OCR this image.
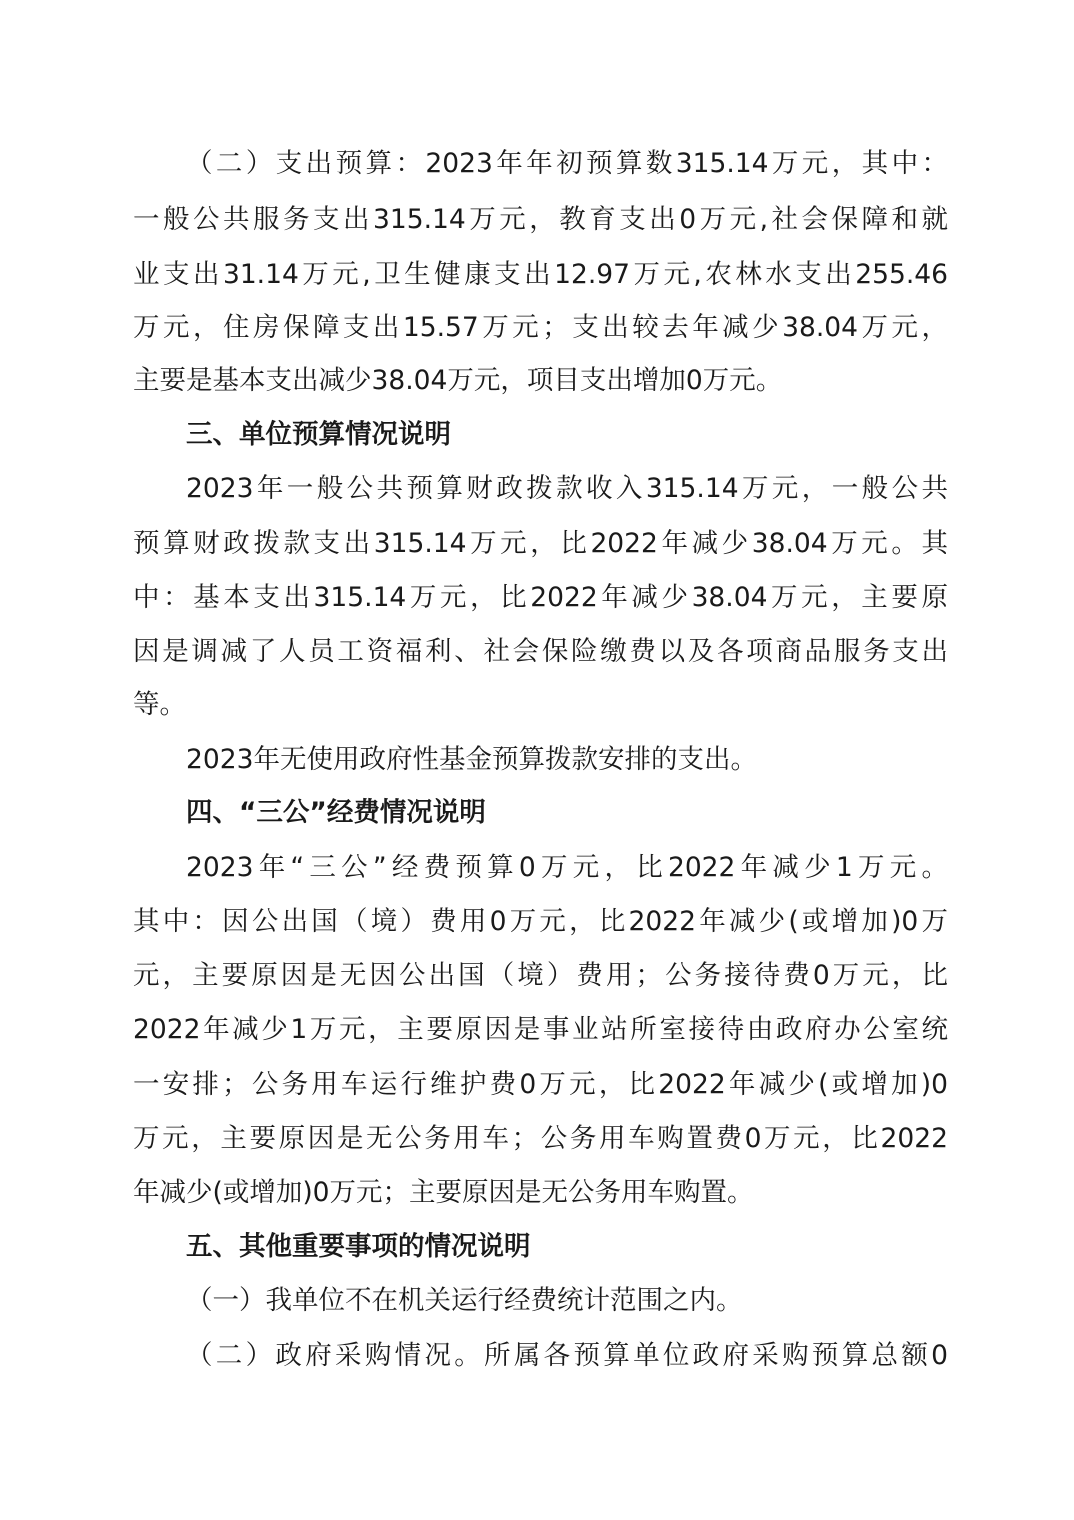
（二）支出预算：2023年年初预算数315.14万元，其中：
一般公共服务支出315.14万元，教育支出0万元,社会保障和就
业支出31.14万元,卫生健康支出12.97万元,农林水支出255.46
万元，住房保障支出15.57万元；支出较去年减少38.04万元，
主要是基本支出减少38.04万元，项目支出增加0万元。
三、单位预算情况说明
2023年一般公共预算财政拨款收入315.14万元，一般公共
预算财政拨款支出315.14万元，比2022年减少38.04万元。其
中：基本支出315.14万元，比2022年减少38.04万元，主要原
因是调减了人员工资福利、社会保险缴费以及各项商品服务支出
等。
2023年无使用政府性基金预算拨款安排的支出。
四、“三公”经费情况说明
2023年“三公”经费预算0万元，比2022年减少1万元。
其中：因公出国（境）费用0万元，比2022年减少(或增加)0万
元，主要原因是无因公出国（境）费用；公务接待费0万元，比
2022年减少1万元，主要原因是事业站所室接待由政府办公室统
一安排；公务用车运行维护费0万元，比2022年减少(或增加)0
万元，主要原因是无公务用车；公务用车购置费0万元，比2022
年减少(或增加)0万元；主要原因是无公务用车购置。
五、其他重要事项的情况说明
（一）我单位不在机关运行经费统计范围之内。
（二）政府采购情况。所属各预算单位政府采购预算总额0
